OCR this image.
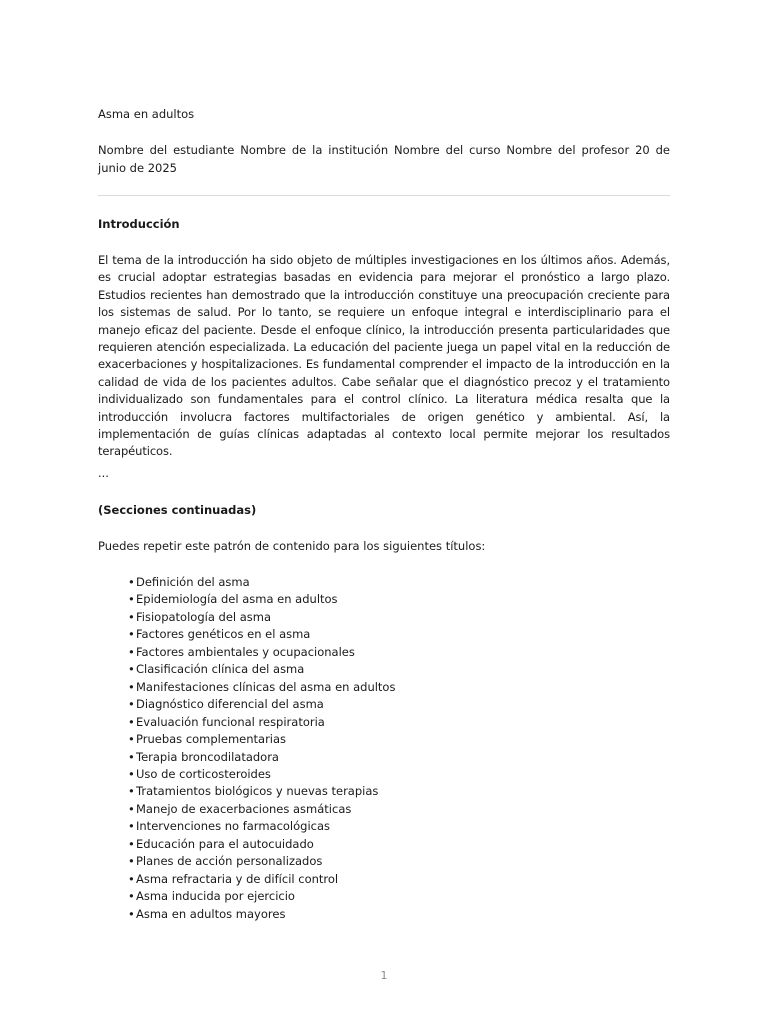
Asma en adultos
Nombre del estudiante Nombre de la institución Nombre del curso Nombre del profesor 20 de junio de 2025
Introducción
El tema de la introducción ha sido objeto de múltiples investigaciones en los últimos años. Además, es crucial adoptar estrategias basadas en evidencia para mejorar el pronóstico a largo plazo. Estudios recientes han demostrado que la introducción constituye una preocupación creciente para los sistemas de salud. Por lo tanto, se requiere un enfoque integral e interdisciplinario para el manejo eficaz del paciente. Desde el enfoque clínico, la introducción presenta particularidades que requieren atención especializada. La educación del paciente juega un papel vital en la reducción de exacerbaciones y hospitalizaciones. Es fundamental comprender el impacto de la introducción en la calidad de vida de los pacientes adultos. Cabe señalar que el diagnóstico precoz y el tratamiento individualizado son fundamentales para el control clínico. La literatura médica resalta que la introducción involucra factores multifactoriales de origen genético y ambiental. Así, la implementación de guías clínicas adaptadas al contexto local permite mejorar los resultados terapéuticos.
...
(Secciones continuadas)
Puedes repetir este patrón de contenido para los siguientes títulos:
•Definición del asma
•Epidemiología del asma en adultos
•Fisiopatología del asma
•Factores genéticos en el asma
•Factores ambientales y ocupacionales
•Clasificación clínica del asma
•Manifestaciones clínicas del asma en adultos
•Diagnóstico diferencial del asma
•Evaluación funcional respiratoria
•Pruebas complementarias
•Terapia broncodilatadora
•Uso de corticosteroides
•Tratamientos biológicos y nuevas terapias
•Manejo de exacerbaciones asmáticas
•Intervenciones no farmacológicas
•Educación para el autocuidado
•Planes de acción personalizados
•Asma refractaria y de difícil control
•Asma inducida por ejercicio
•Asma en adultos mayores
1
